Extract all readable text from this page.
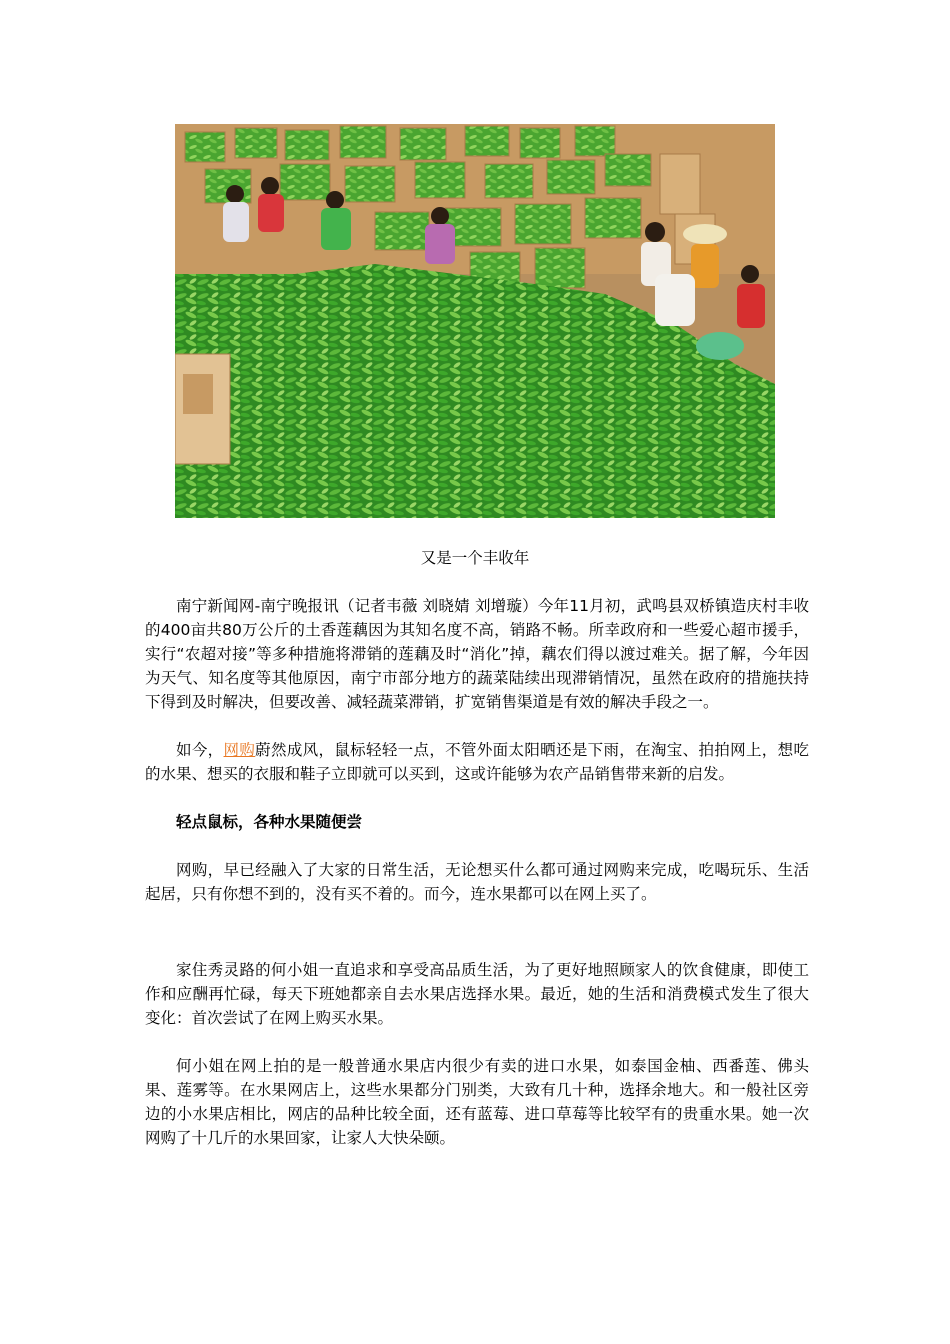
又是一个丰收年

南宁新闻网-南宁晚报讯（记者韦薇 刘晓婧 刘增璇）今年11月初，武鸣县双桥镇造庆村丰收的400亩共80万公斤的土香莲藕因为其知名度不高，销路不畅。所幸政府和一些爱心超市援手，实行“农超对接”等多种措施将滞销的莲藕及时“消化”掉，藕农们得以渡过难关。据了解，今年因为天气、知名度等其他原因，南宁市部分地方的蔬菜陆续出现滞销情况，虽然在政府的措施扶持下得到及时解决，但要改善、减轻蔬菜滞销，扩宽销售渠道是有效的解决手段之一。

如今，网购蔚然成风，鼠标轻轻一点，不管外面太阳晒还是下雨，在淘宝、拍拍网上，想吃的水果、想买的衣服和鞋子立即就可以买到，这或许能够为农产品销售带来新的启发。

轻点鼠标，各种水果随便尝

网购，早已经融入了大家的日常生活，无论想买什么都可通过网购来完成，吃喝玩乐、生活起居，只有你想不到的，没有买不着的。而今，连水果都可以在网上买了。

家住秀灵路的何小姐一直追求和享受高品质生活，为了更好地照顾家人的饮食健康，即使工作和应酬再忙碌，每天下班她都亲自去水果店选择水果。最近，她的生活和消费模式发生了很大变化：首次尝试了在网上购买水果。

何小姐在网上拍的是一般普通水果店内很少有卖的进口水果，如泰国金柚、西番莲、佛头果、莲雾等。在水果网店上，这些水果都分门别类，大致有几十种，选择余地大。和一般社区旁边的小水果店相比，网店的品种比较全面，还有蓝莓、进口草莓等比较罕有的贵重水果。她一次网购了十几斤的水果回家，让家人大快朵颐。
